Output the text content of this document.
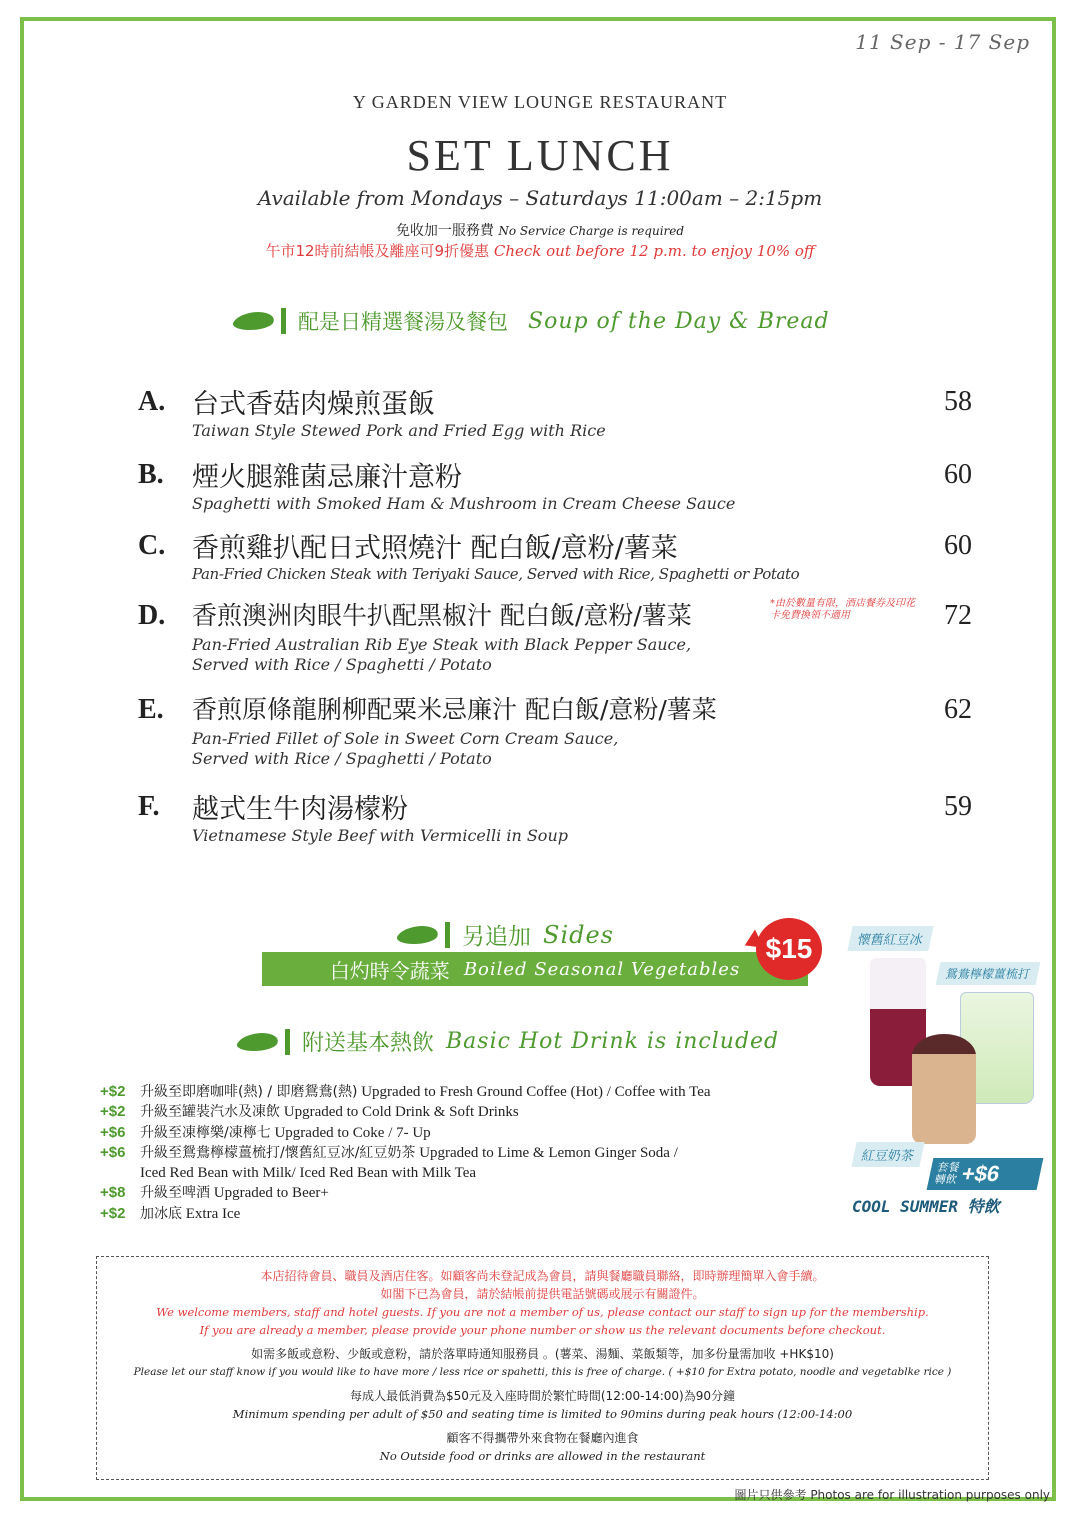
11 Sep - 17 Sep
Y GARDEN VIEW LOUNGE RESTAURANT
SET LUNCH
Available from Mondays – Saturdays 11:00am – 2:15pm
免收加一服務費 No Service Charge is required
午市12時前結帳及離座可9折優惠 Check out before 12 p.m. to enjoy 10% off
配是日精選餐湯及餐包 Soup of the Day & Bread
A. 台式香菇肉燥煎蛋飯
Taiwan Style Stewed Pork and Fried Egg with Rice
58
B. 煙火腿雜菌忌廉汁意粉
Spaghetti with Smoked Ham & Mushroom in Cream Cheese Sauce
60
C. 香煎雞扒配日式照燒汁 配白飯/意粉/薯菜
Pan-Fried Chicken Steak with Teriyaki Sauce, Served with Rice, Spaghetti or Potato
60
D. 香煎澳洲肉眼牛扒配黑椒汁 配白飯/意粉/薯菜	*由於數量有限，酒店餐券及印花卡免費換領不適用
Pan-Fried Australian Rib Eye Steak with Black Pepper Sauce,
Served with Rice / Spaghetti / Potato
72
E. 香煎原條龍脷柳配粟米忌廉汁 配白飯/意粉/薯菜
Pan-Fried Fillet of Sole in Sweet Corn Cream Sauce,
Served with Rice / Spaghetti / Potato
62
F. 越式生牛肉湯檬粉
Vietnamese Style Beef with Vermicelli in Soup
59
另追加 Sides
白灼時令蔬菜 Boiled Seasonal Vegetables
$15
附送基本熱飲 Basic Hot Drink is included
+$2 升級至即磨咖啡(熱) / 即磨鴛鴦(熱) Upgraded to Fresh Ground Coffee (Hot) / Coffee with Tea
+$2 升級至罐裝汽水及凍飲 Upgraded to Cold Drink & Soft Drinks
+$6 升級至凍檸樂/凍檸七 Upgraded to Coke / 7- Up
+$6 升級至鴛鴦檸檬薑梳打/懷舊紅豆冰/紅豆奶茶 Upgraded to Lime & Lemon Ginger Soda /
Iced Red Bean with Milk/ Iced Red Bean with Milk Tea
+$8 升級至啤酒 Upgraded to Beer+
+$2 加冰底 Extra Ice
懷舊紅豆冰
鴛鴦檸檬薑梳打
紅豆奶茶
套餐
轉飲 +$6
COOL SUMMER 特飲
本店招待會員、職員及酒店住客。如顧客尚未登記成為會員，請與餐廳職員聯絡，即時辦理簡單入會手續。
如閣下已為會員，請於結帳前提供電話號碼或展示有關證件。
We welcome members, staff and hotel guests. If you are not a member of us, please contact our staff to sign up for the membership.
If you are already a member, please provide your phone number or show us the relevant documents before checkout.
如需多飯或意粉、少飯或意粉，請於落單時通知服務員 。(薯菜、湯麵、菜飯類等，加多份量需加收 +HK$10)
Please let our staff know if you would like to have more / less rice or spahetti, this is free of charge. ( +$10 for Extra potato, noodle and vegetablke rice )
每成人最低消費為$50元及入座時間於繁忙時間(12:00-14:00)為90分鐘
Minimum spending per adult of $50 and seating time is limited to 90mins during peak hours (12:00-14:00
顧客不得攜帶外來食物在餐廳內進食
No Outside food or drinks are allowed in the restaurant
圖片只供參考 Photos are for illustration purposes only
